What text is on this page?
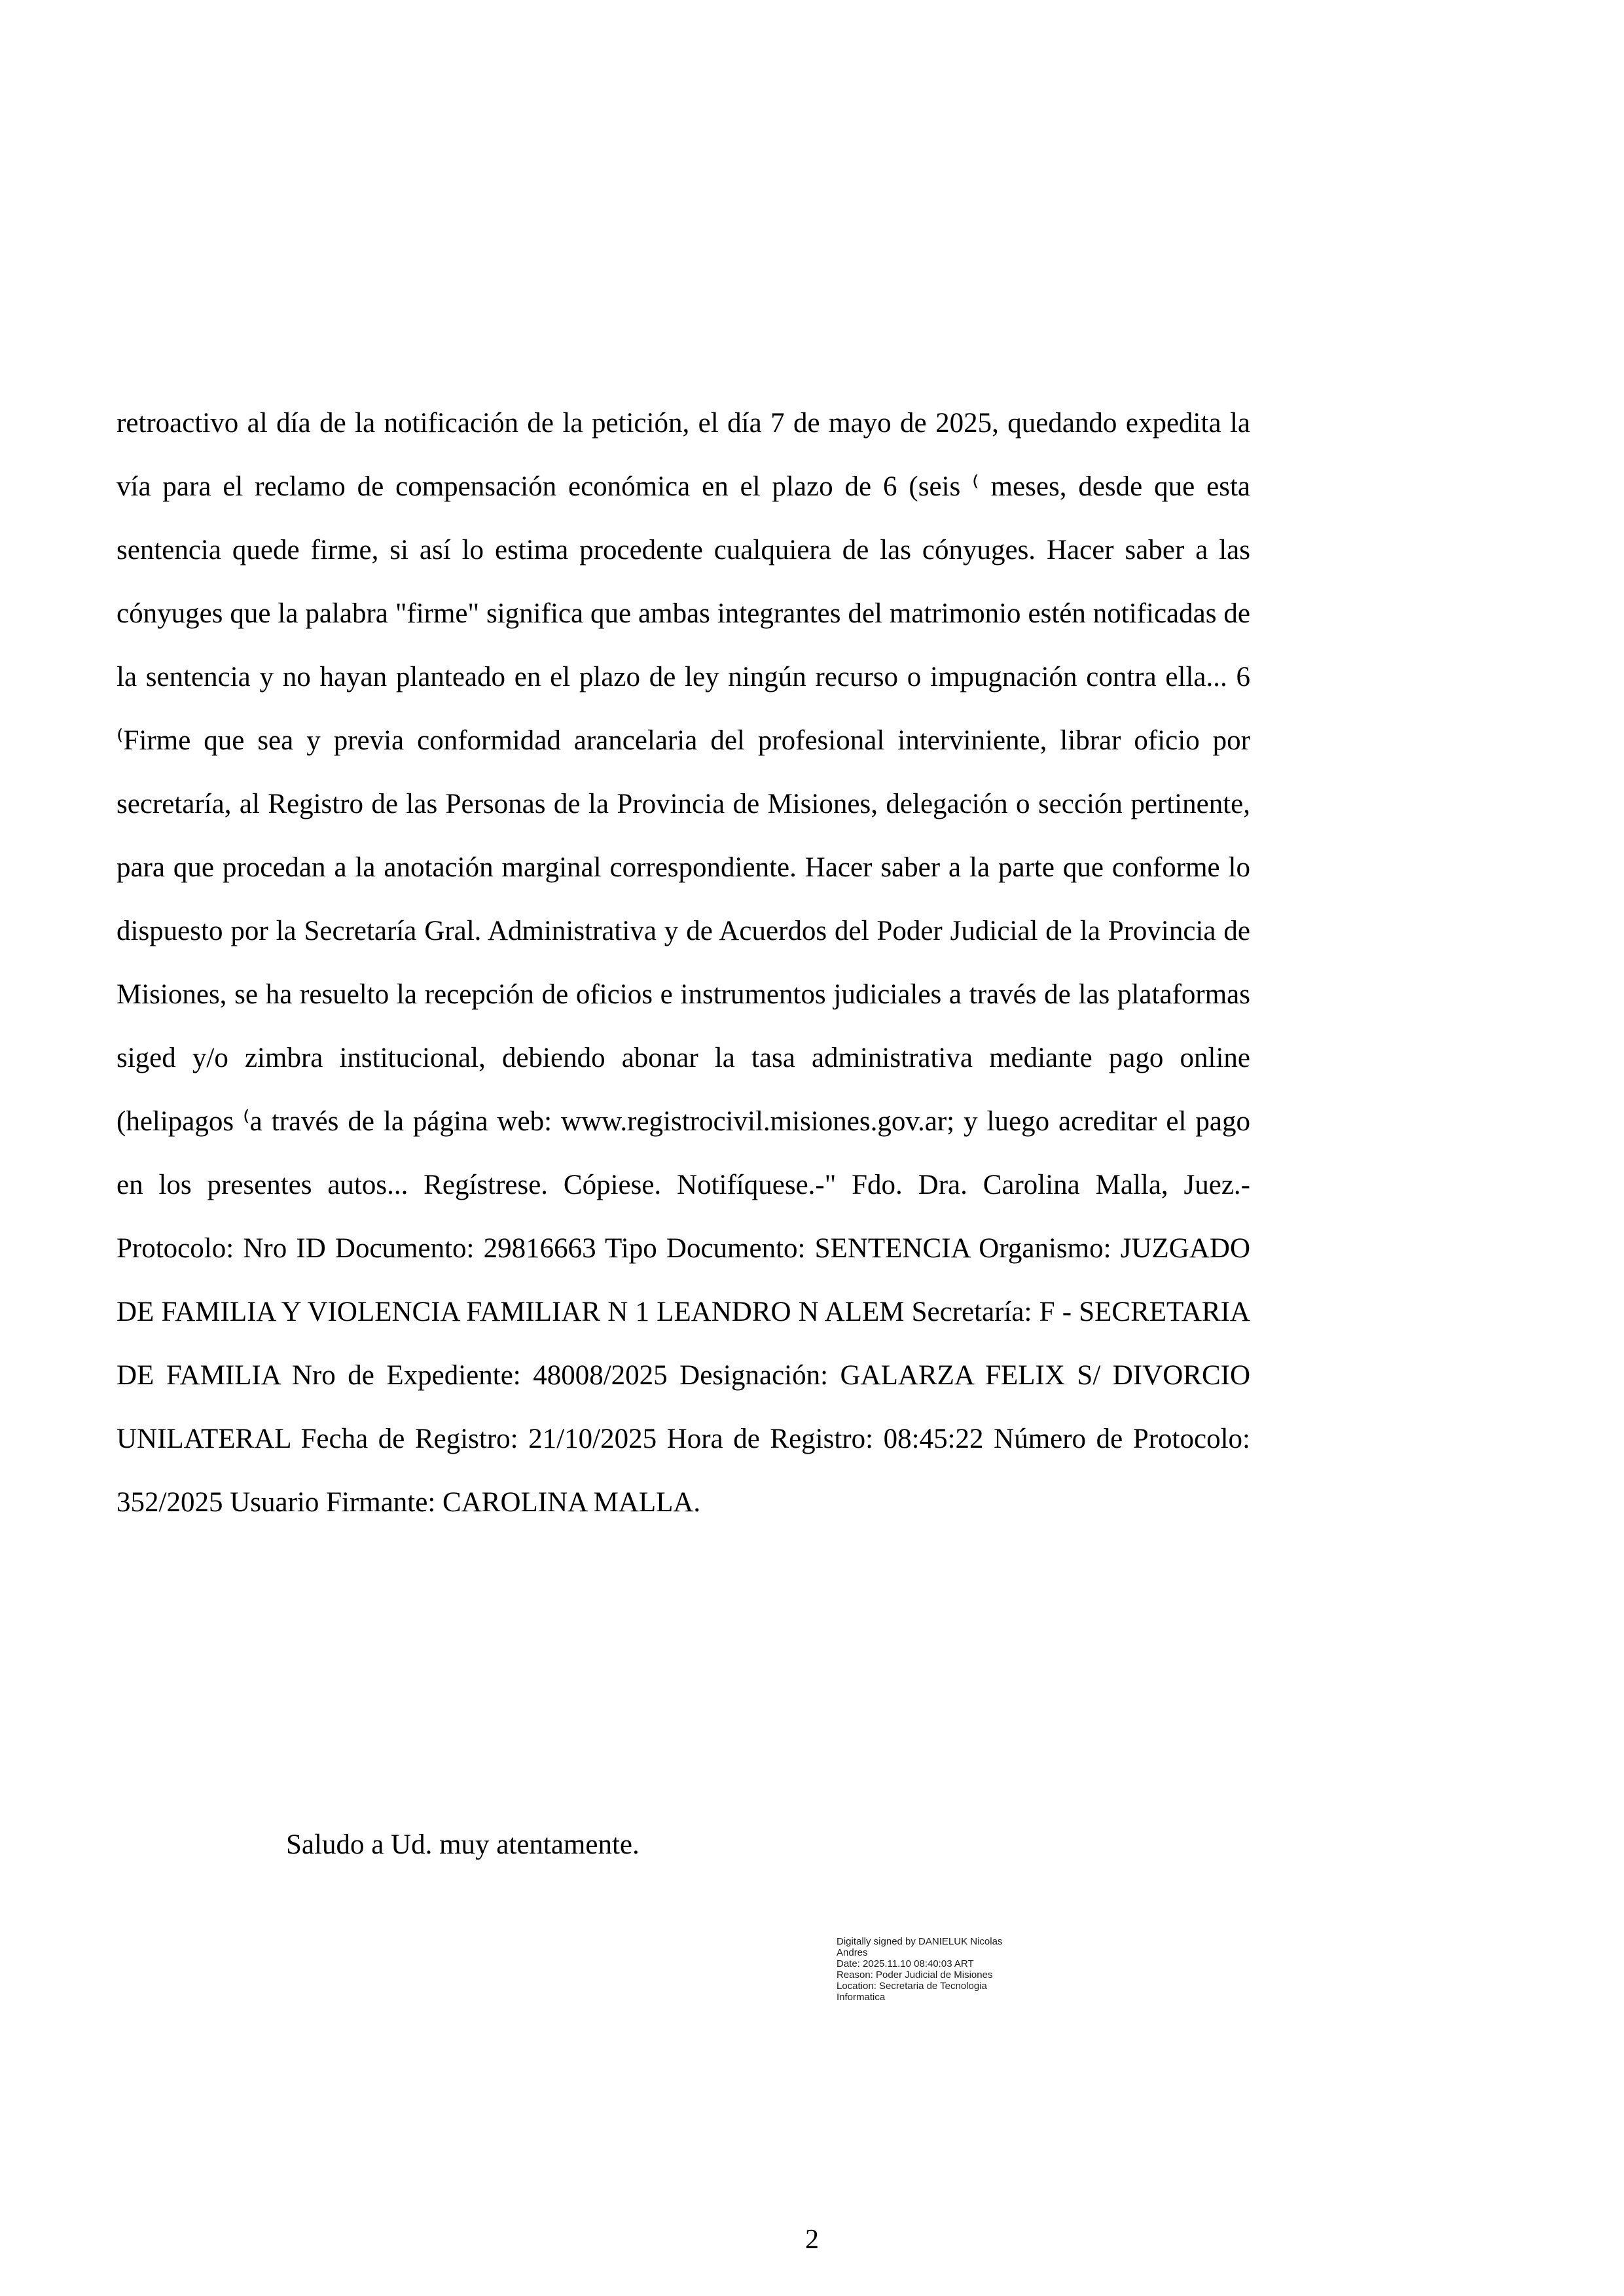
retroactivo al día de la notificación de la petición, el día 7 de mayo de 2025, quedando expedita la vía para el reclamo de compensación económica en el plazo de 6 (seis ⁽ meses, desde que esta sentencia quede firme, si así lo estima procedente cualquiera de las cónyuges. Hacer saber a las cónyuges que la palabra "firme" significa que ambas integrantes del matrimonio estén notificadas de la sentencia y no hayan planteado en el plazo de ley ningún recurso o impugnación contra ella... 6 ⁽Firme que sea y previa conformidad arancelaria del profesional interviniente, librar oficio por secretaría, al Registro de las Personas de la Provincia de Misiones, delegación o sección pertinente, para que procedan a la anotación marginal correspondiente. Hacer saber a la parte que conforme lo dispuesto por la Secretaría Gral. Administrativa y de Acuerdos del Poder Judicial de la Provincia de Misiones, se ha resuelto la recepción de oficios e instrumentos judiciales a través de las plataformas siged y/o zimbra institucional, debiendo abonar la tasa administrativa mediante pago online (helipagos ⁽a través de la página web: www.registrocivil.misiones.gov.ar; y luego acreditar el pago en los presentes autos... Regístrese. Cópiese. Notifíquese.-" Fdo. Dra. Carolina Malla, Juez.- Protocolo: Nro ID Documento: 29816663 Tipo Documento: SENTENCIA Organismo: JUZGADO DE FAMILIA Y VIOLENCIA FAMILIAR N 1 LEANDRO N ALEM Secretaría: F - SECRETARIA DE FAMILIA Nro de Expediente: 48008/2025 Designación: GALARZA FELIX S/ DIVORCIO UNILATERAL Fecha de Registro: 21/10/2025 Hora de Registro: 08:45:22 Número de Protocolo: 352/2025 Usuario Firmante: CAROLINA MALLA.
Saludo a Ud. muy atentamente.
Digitally signed by DANIELUK Nicolas
Andres
Date: 2025.11.10 08:40:03 ART
Reason: Poder Judicial de Misiones
Location: Secretaria de Tecnologia
Informatica
2
